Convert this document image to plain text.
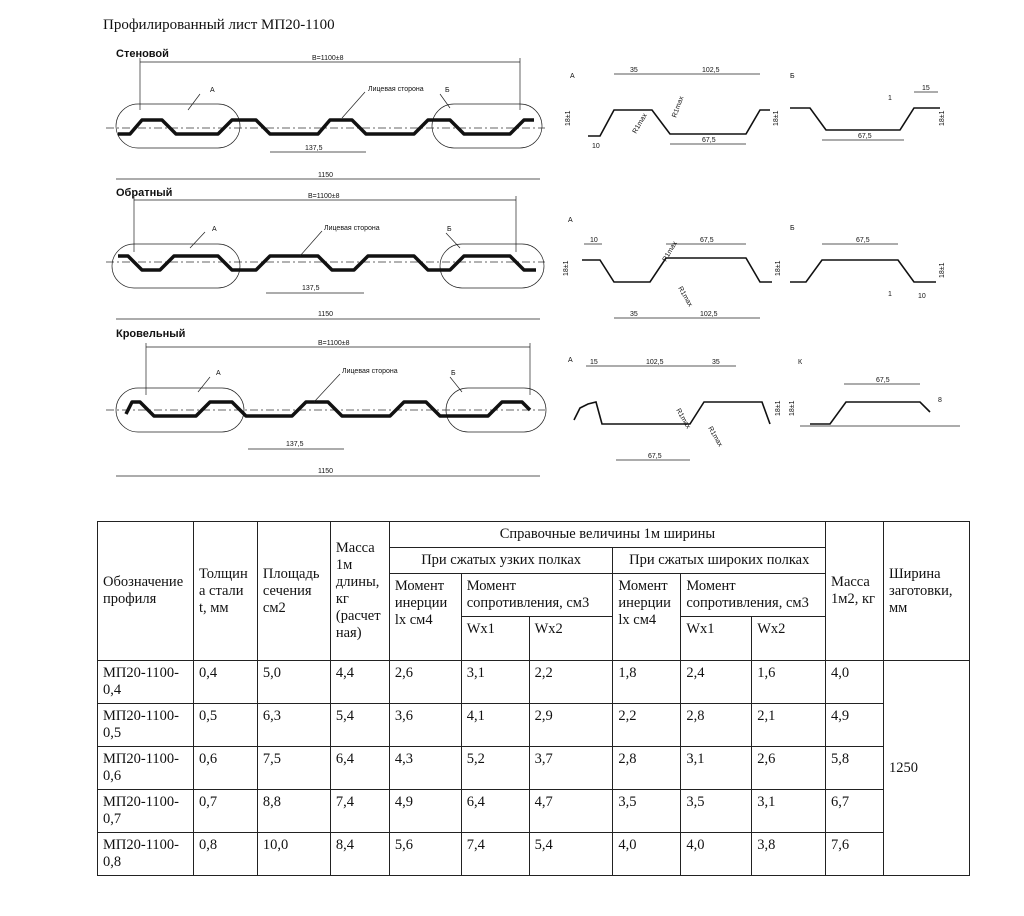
Профилированный лист МП20-1100
Стеновой	B=1100±8
А	Б
Лицевая сторона
137,5
1150
Обратный	B=1100±8
А	Б
Лицевая сторона
137,5
1150
Кровельный
B=1100±8
А	Б
Лицевая сторона
137,5
1150
А
35	102,5
67,5
10
18±1	18±1
R1max
R1max
Б
67,5
15
18±1
1
А
10	67,5
35	102,5
18±1	18±1
R1max
R1max
Б
67,5
18±1
1	10
А 15	102,5	35
67,5
18±1 18±1
R1max
R1max
К
67,5
8
Обозначение профиля	Толщин а стали t, мм	Площадь сечения см2	Масса 1м длины, кг (расчет ная)	Справочные величины 1м ширины						Масса 1м2, кг	Ширина заготовки, мм
				При сжатых узких полках			При сжатых широких полках				
				Момент инерции lx см4	Момент сопротивления, см3		Момент инерции lx см4	Момент сопротивления, см3			
					Wx1	Wx2		Wx1	Wx2		
МП20-1100-0,4	0,4	5,0	4,4	2,6	3,1	2,2	1,8	2,4	1,6	4,0	1250
МП20-1100-0,5	0,5	6,3	5,4	3,6	4,1	2,9	2,2	2,8	2,1	4,9	
МП20-1100-0,6	0,6	7,5	6,4	4,3	5,2	3,7	2,8	3,1	2,6	5,8	
МП20-1100-0,7	0,7	8,8	7,4	4,9	6,4	4,7	3,5	3,5	3,1	6,7	
МП20-1100-0,8	0,8	10,0	8,4	5,6	7,4	5,4	4,0	4,0	3,8	7,6	
